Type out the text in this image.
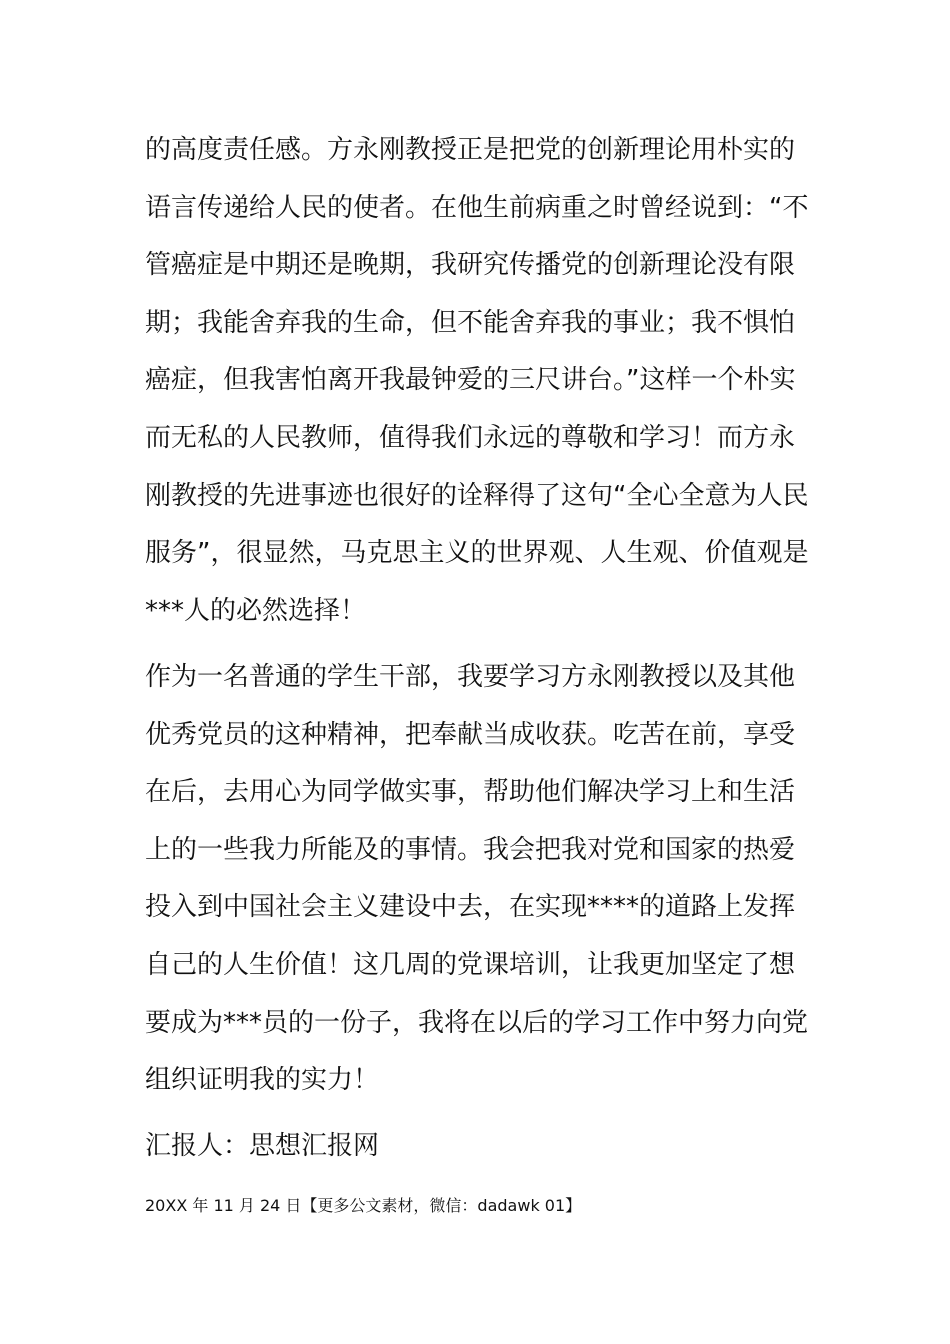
的高度责任感。方永刚教授正是把党的创新理论用朴实的
语言传递给人民的使者。在他生前病重之时曾经说到：“不
管癌症是中期还是晚期，我研究传播党的创新理论没有限
期；我能舍弃我的生命，但不能舍弃我的事业；我不惧怕
癌症，但我害怕离开我最钟爱的三尺讲台。”这样一个朴实
而无私的人民教师，值得我们永远的尊敬和学习！而方永
刚教授的先进事迹也很好的诠释得了这句“全心全意为人民
服务”，很显然，马克思主义的世界观、人生观、价值观是
***人的必然选择！
作为一名普通的学生干部，我要学习方永刚教授以及其他
优秀党员的这种精神，把奉献当成收获。吃苦在前，享受
在后，去用心为同学做实事，帮助他们解决学习上和生活
上的一些我力所能及的事情。我会把我对党和国家的热爱
投入到中国社会主义建设中去，在实现****的道路上发挥
自己的人生价值！这几周的党课培训，让我更加坚定了想
要成为***员的一份子，我将在以后的学习工作中努力向党
组织证明我的实力！
汇报人：思想汇报网
20XX 年 11 月 24 日【更多公文素材，微信：dadawk 01】
